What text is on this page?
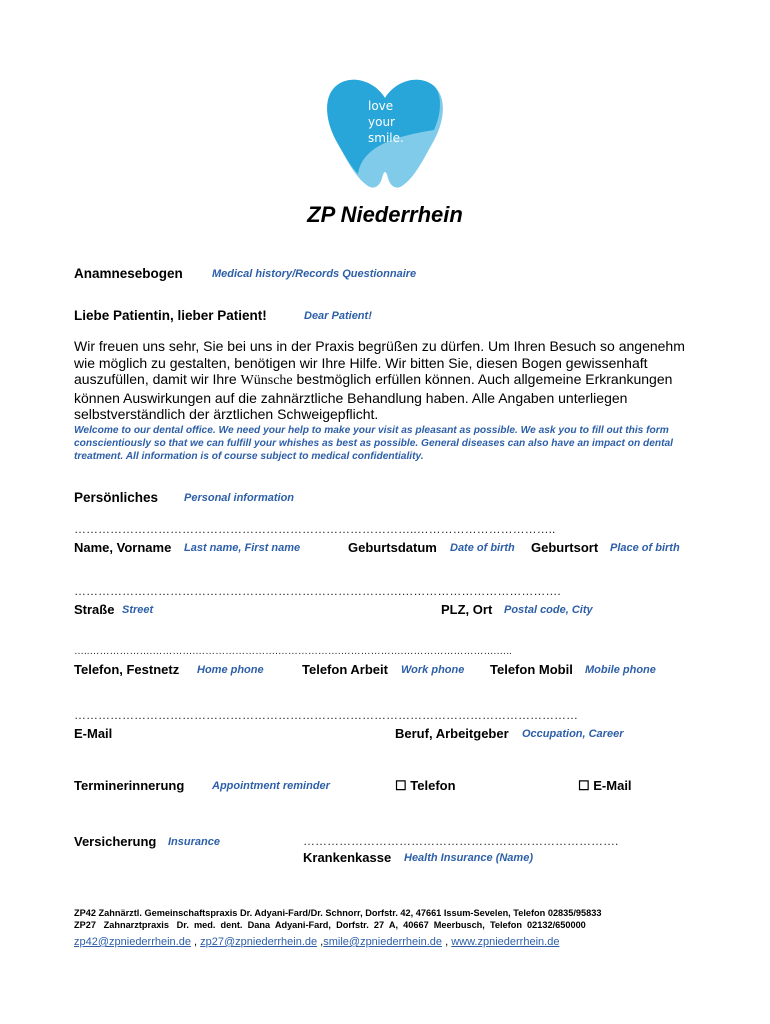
love
your
smile.
ZP Niederrhein
Anamnesebogen	Medical history/Records Questionnaire
Liebe Patientin, lieber Patient!	Dear Patient!
Wir freuen uns sehr, Sie bei uns in der Praxis begrüßen zu dürfen. Um Ihren Besuch so angenehm wie möglich zu gestalten, benötigen wir Ihre Hilfe. Wir bitten Sie, diesen Bogen gewissenhaft auszufüllen, damit wir Ihre Wünsche bestmöglich erfüllen können. Auch allgemeine Erkrankungen können Auswirkungen auf die zahnärztliche Behandlung haben. Alle Angaben unterliegen selbstverständlich der ärztlichen Schweigepflicht.
Welcome to our dental office. We need your help to make your visit as pleasant as possible. We ask you to fill out this form conscientiously so that we can fulfill your whishes as best as possible. General diseases can also have an impact on dental treatment. All information is of course subject to medical confidentiality.
Persönliches Personal information
…………………………………………………………………………..……………………………..
Name, Vorname Last name, First name	Geburtsdatum Date of birth Geburtsort Place of birth
……………………………………………………………………….………………………………….
Straße Street	PLZ, Ort Postal code, City
…..……………….………….…………………….……………….……………….……………………….…..
Telefon, Festnetz Home phone	Telefon Arbeit Work phone Telefon Mobil Mobile phone
………………………………………………………………………………………………………………
E-Mail	Beruf, Arbeitgeber Occupation, Career
Terminerinnerung	Appointment reminder	☐ Telefon	☐ E-Mail
Versicherung Insurance	…………………………………………………………………….
Krankenkasse Health Insurance (Name)
ZP42 Zahnärztl. Gemeinschaftspraxis Dr. Adyani-Fard/Dr. Schnorr, Dorfstr. 42, 47661 Issum-Sevelen, Telefon 02835/95833
ZP27   Zahnarztpraxis   Dr.  med.  dent.  Dana  Adyani-Fard,  Dorfstr.  27  A,  40667  Meerbusch,  Telefon  02132/650000
zp42@zpniederrhein.de , zp27@zpniederrhein.de ,smile@zpniederrhein.de , www.zpniederrhein.de
